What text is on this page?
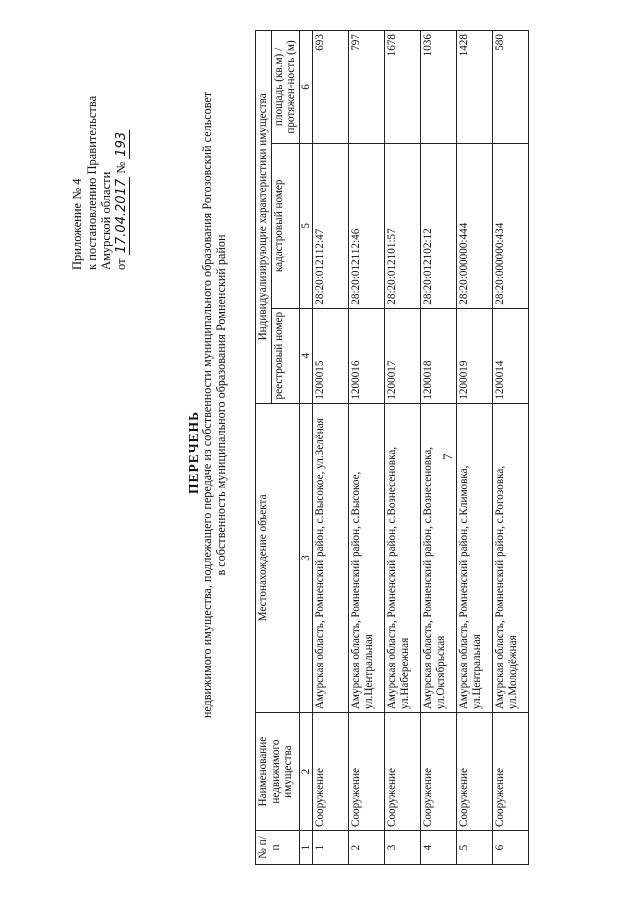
7
Приложение № 4 к постановлению Правительства Амурской области от 17.04.2017 № 193
ПЕРЕЧЕНЬ недвижимого имущества, подлежащего передаче из собственности муниципального образования Рогозовский сельсовет в собственность муниципального образования Ромненский район
№ п/п	Наименование недвижимого имущества	Местонахождение объекта	Индивидуализирующие характеристики имущества		
			реестровый номер	кадастровый номер	площадь (кв.м) / протяжен-ность (м)
1	2	3	4	5	6
1	Сооружение	Амурская область, Ромненский район, с.Высокое, ул.Зелёная	1200015	28:20:012112:47	693
2	Сооружение	Амурская область, Ромненский район, с.Высокое, ул.Центральная	1200016	28:20:012112:46	797
3	Сооружение	Амурская область, Ромненский район, с.Вознесеновка, ул.Набережная	1200017	28:20:012101:57	1678
4	Сооружение	Амурская область, Ромненский район, с.Вознесеновка, ул.Октябрьская	1200018	28:20:012102:12	1036
5	Сооружение	Амурская область, Ромненский район, с.Климовка, ул.Центральная	1200019	28:20:000000:444	1428
6	Сооружение	Амурская область, Ромненский район, с.Рогозовка, ул.Молодёжная	1200014	28:20:000000:434	580
